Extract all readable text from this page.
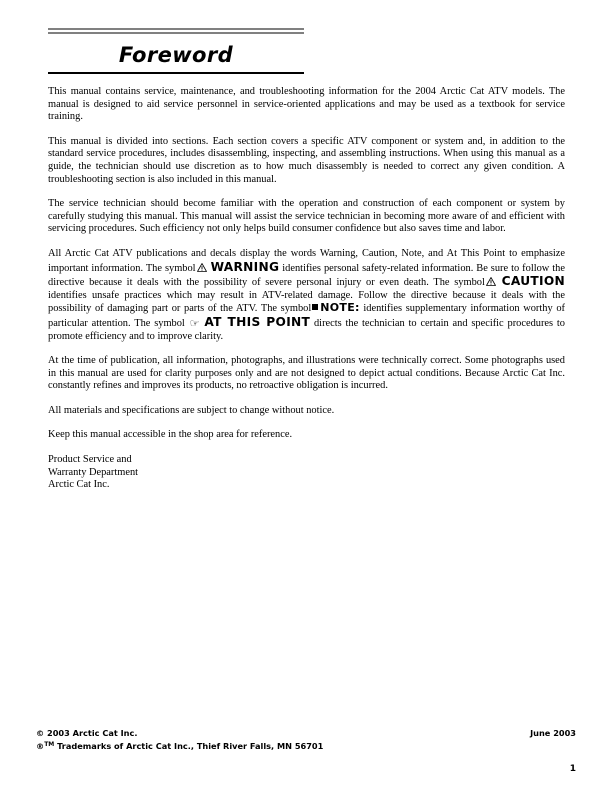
Foreword

This manual contains service, maintenance, and troubleshooting information for the 2004 Arctic Cat ATV models. The manual is designed to aid service personnel in service-oriented applications and may be used as a textbook for service training.

This manual is divided into sections. Each section covers a specific ATV component or system and, in addition to the standard service procedures, includes disassembling, inspecting, and assembling instructions. When using this manual as a guide, the technician should use discretion as to how much disassembly is needed to correct any given condition. A troubleshooting section is also included in this manual.

The service technician should become familiar with the operation and construction of each component or system by carefully studying this manual. This manual will assist the service technician in becoming more aware of and efficient with servicing procedures. Such efficiency not only helps build consumer confidence but also saves time and labor.

All Arctic Cat ATV publications and decals display the words Warning, Caution, Note, and At This Point to emphasize important information. The symbol WARNING identifies personal safety-related information. Be sure to follow the directive because it deals with the possibility of severe personal injury or even death. The symbol CAUTION identifies unsafe practices which may result in ATV-related damage. Follow the directive because it deals with the possibility of damaging part or parts of the ATV. The symbol NOTE: identifies supplementary information worthy of particular attention. The symbol ☞ AT THIS POINT directs the technician to certain and specific procedures to promote efficiency and to improve clarity.

At the time of publication, all information, photographs, and illustrations were technically correct. Some photographs used in this manual are used for clarity purposes only and are not designed to depict actual conditions. Because Arctic Cat Inc. constantly refines and improves its products, no retroactive obligation is incurred.

All materials and specifications are subject to change without notice.

Keep this manual accessible in the shop area for reference.

Product Service and

Warranty Department

Arctic Cat Inc.

© 2003 Arctic Cat Inc.	June 2003
®™ Trademarks of Arctic Cat Inc., Thief River Falls, MN 56701
1
